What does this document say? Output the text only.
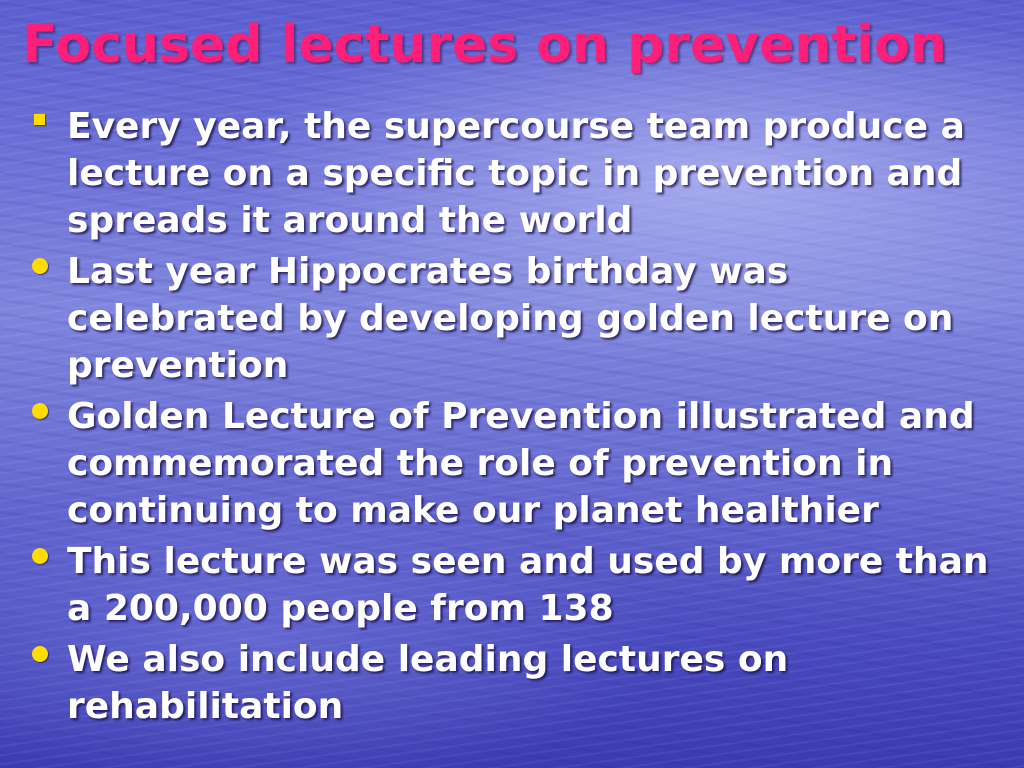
Focused lectures on prevention
Every year, the supercourse team produce a lecture on a specific topic in prevention and spreads it around the world
Last year Hippocrates birthday was celebrated by developing golden lecture on prevention
Golden Lecture of Prevention illustrated and commemorated the role of prevention in continuing to make our planet healthier
This lecture was seen and used by more than a 200,000 people from 138
We also include leading lectures on rehabilitation
